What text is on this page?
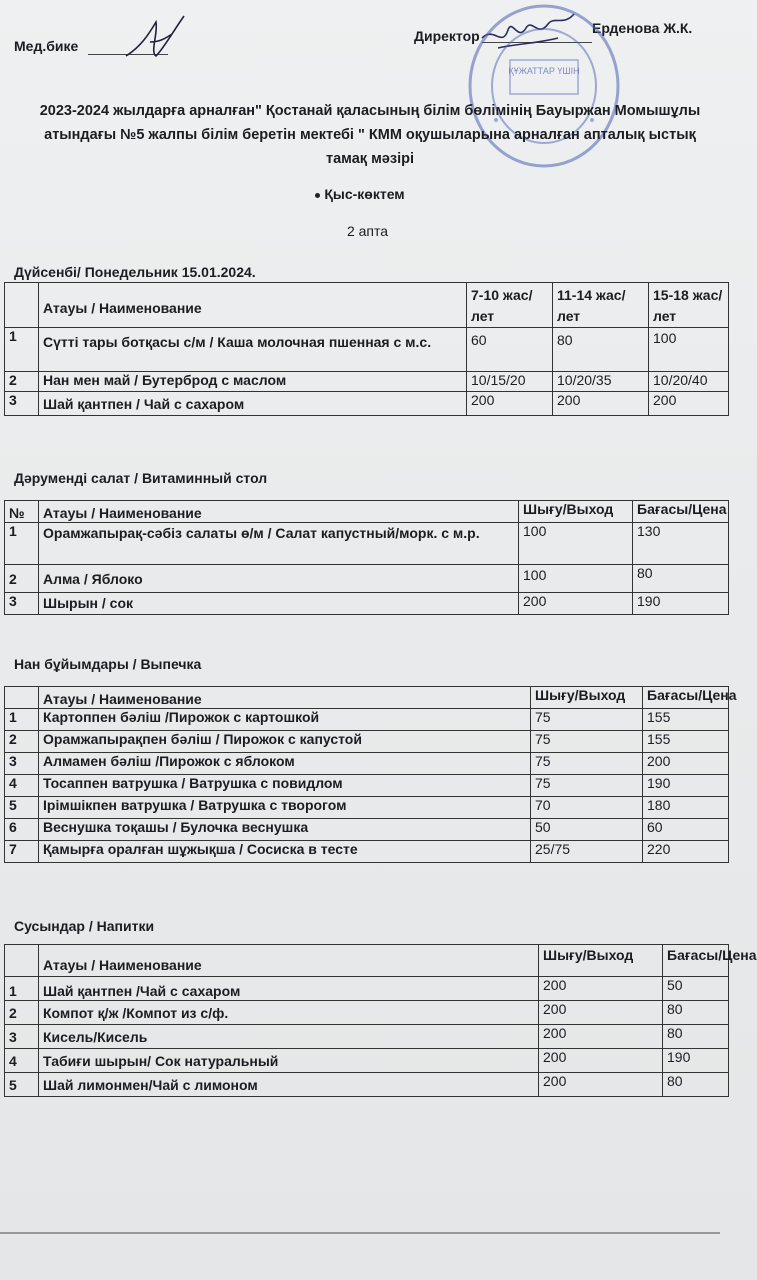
Мед.бике
Директор	Ерденова Ж.К.
ҚҰЖАТТАР ҮШІН
2023-2024 жылдарға арналған" Қостанай қаласының білім бөлімінің Бауыржан Момышұлы
атындағы №5 жалпы білім беретін мектебі " КММ оқушыларына арналған апталық ыстық
тамақ мәзірі
Қыс-көктем
2 апта
Дүйсенбі/ Понедельник 15.01.2024.
	Атауы / Наименование	7-10 жас/ лет	11-14 жас/ лет	15-18 жас/ лет
1	Сүтті тары ботқасы с/м / Каша молочная пшенная с м.с.	60	80	100
2	Нан мен май / Бутерброд с маслом	10/15/20	10/20/35	10/20/40
3	Шай қантпен / Чай с сахаром	200	200	200
Дәруменді салат / Витаминный стол
№	Атауы / Наименование	Шығу/Выход	Бағасы/Цена
1	Орамжапырақ-сәбіз салаты ө/м / Салат капустный/морк. с м.р.	100	130
2	Алма / Яблоко	100	80
3	Шырын / сок	200	190
Нан бұйымдары / Выпечка
	Атауы / Наименование	Шығу/Выход	Бағасы/Цена
1	Картоппен бәліш /Пирожок с картошкой	75	155
2	Орамжапырақпен бәліш / Пирожок с капустой	75	155
3	Алмамен бәліш /Пирожок с яблоком	75	200
4	Тосаппен ватрушка / Ватрушка с повидлом	75	190
5	Ірімшікпен ватрушка / Ватрушка с творогом	70	180
6	Веснушка тоқашы / Булочка веснушка	50	60
7	Қамырға оралған шұжықша / Сосиска в тесте	25/75	220
Сусындар / Напитки
	Атауы / Наименование	Шығу/Выход	Бағасы/Цена
1	Шай қантпен /Чай с сахаром	200	50
2	Компот қ/ж /Компот из с/ф.	200	80
3	Кисель/Кисель	200	80
4	Табиғи шырын/ Сок натуральный	200	190
5	Шай лимонмен/Чай с лимоном	200	80
